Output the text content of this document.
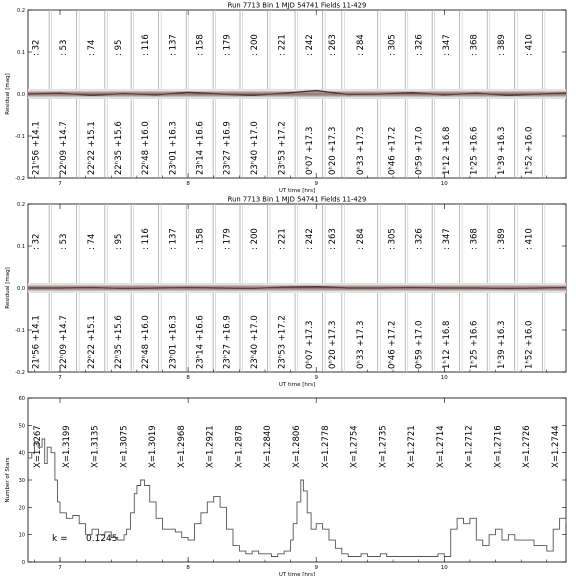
Run 7713 Bin 1 MJD 54741 Fields 11-429
-0.2
-0.1
0.0
0.1
0.2
Residual [mag]
7	8	9	10
UT time [hrs]
: 32
21ʰ56 +14.1
: 53
22ʰ09 +14.7
: 74
22ʰ22 +15.1
: 95
22ʰ35 +15.6
: 116
22ʰ48 +16.0
: 137
23ʰ01 +16.3
: 158
23ʰ14 +16.6
: 179
23ʰ27 +16.9
: 200
23ʰ40 +17.0
: 221
23ʰ53 +17.2
: 242
0ʰ07 +17.3
: 263
0ʰ20 +17.3
: 284
0ʰ33 +17.3
: 305
0ʰ46 +17.2
: 326
0ʰ59 +17.0
: 347
1ʰ12 +16.8
: 368
1ʰ25 +16.6
: 389
1ʰ39 +16.3
: 410
1ʰ52 +16.0
Run 7713 Bin 1 MJD 54741 Fields 11-429
-0.2
-0.1
0.0
0.1
0.2
Residual [mag]
7	8	9	10
UT time [hrs]
: 32
21ʰ56 +14.1
: 53
22ʰ09 +14.7
: 74
22ʰ22 +15.1
: 95
22ʰ35 +15.6
: 116
22ʰ48 +16.0
: 137
23ʰ01 +16.3
: 158
23ʰ14 +16.6
: 179
23ʰ27 +16.9
: 200
23ʰ40 +17.0
: 221
23ʰ53 +17.2
: 242
0ʰ07 +17.3
: 263
0ʰ20 +17.3
: 284
0ʰ33 +17.3
: 305
0ʰ46 +17.2
: 326
0ʰ59 +17.0
: 347
1ʰ12 +16.8
: 368
1ʰ25 +16.6
: 389
1ʰ39 +16.3
: 410
1ʰ52 +16.0
0
10
20
30
40
50
60
Number of Stars
7	8	9	10
UT time [hrs]
X=1.3267 X=1.3199 X=1.3135 X=1.3075 X=1.3019 X=1.2968 X=1.2921 X=1.2878 X=1.2840 X=1.2806 X=1.2778 X=1.2754 X=1.2735 X=1.2721 X=1.2714 X=1.2712 X=1.2716 X=1.2726 X=1.2744
k = 0.1245
